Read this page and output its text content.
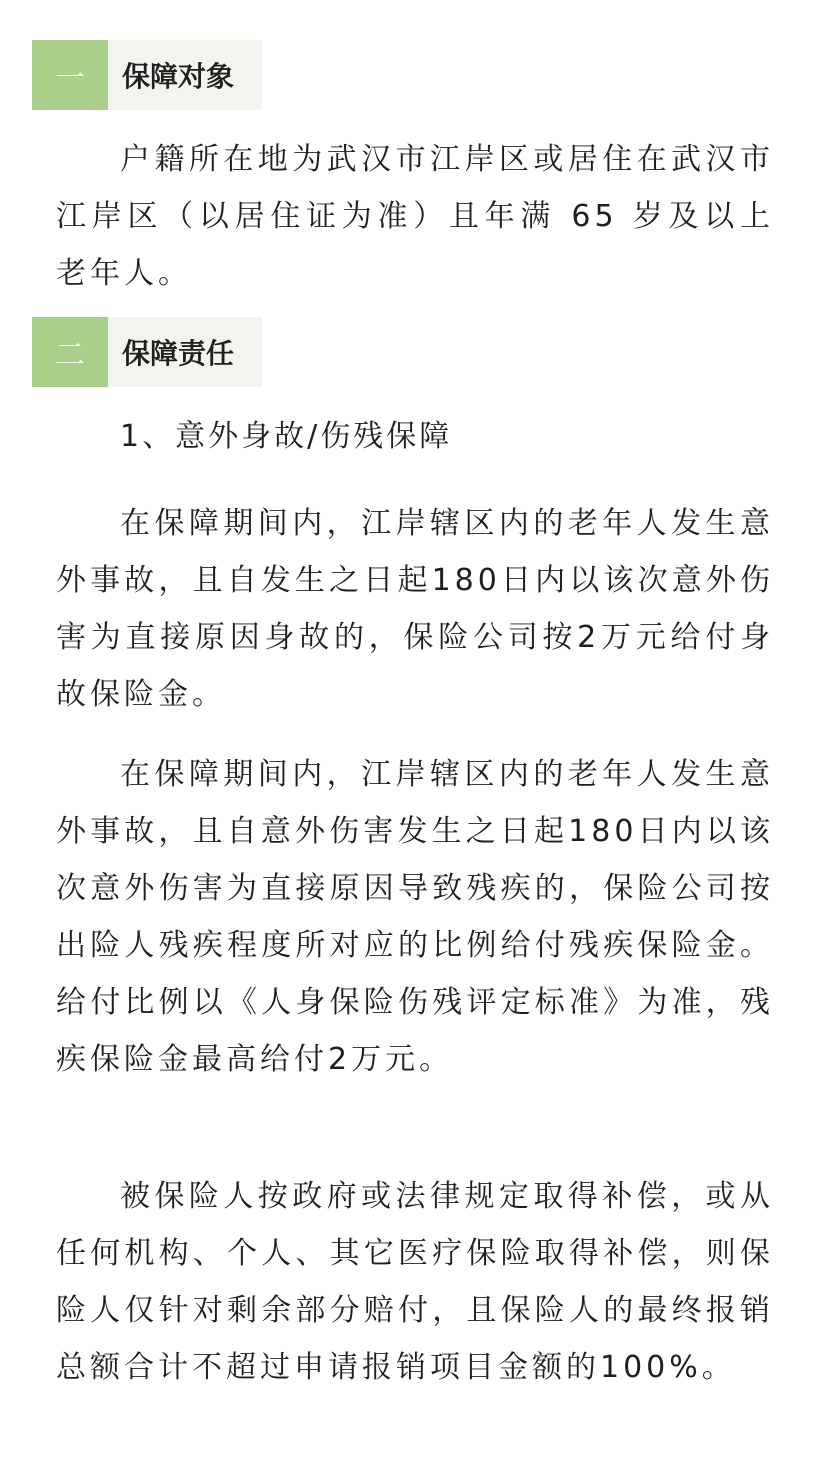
一	保障对象

户籍所在地为武汉市江岸区或居住在武汉市江岸区（以居住证为准）且年满 65 岁及以上老年人。

二	保障责任

1、意外身故/伤残保障

在保障期间内，江岸辖区内的老年人发生意外事故，且自发生之日起180日内以该次意外伤害为直接原因身故的，保险公司按2万元给付身故保险金。

在保障期间内，江岸辖区内的老年人发生意外事故，且自意外伤害发生之日起180日内以该次意外伤害为直接原因导致残疾的，保险公司按出险人残疾程度所对应的比例给付残疾保险金。给付比例以《人身保险伤残评定标准》为准，残疾保险金最高给付2万元。

被保险人按政府或法律规定取得补偿，或从任何机构、个人、其它医疗保险取得补偿，则保险人仅针对剩余部分赔付，且保险人的最终报销总额合计不超过申请报销项目金额的100%。
